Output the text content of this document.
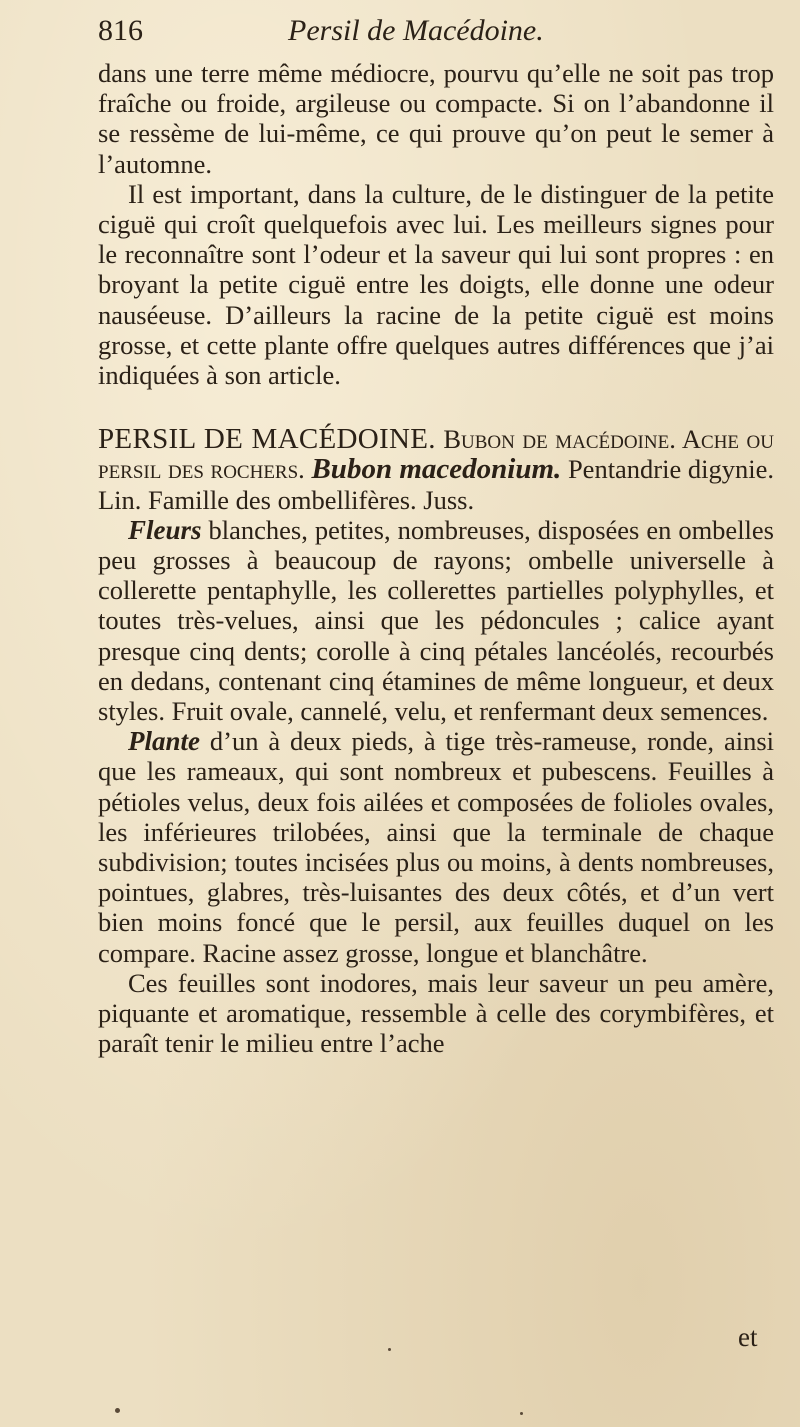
816	Persil de Macédoine.

dans une terre même médiocre, pourvu qu’elle ne soit pas trop fraîche ou froide, argileuse ou compacte. Si on l’abandonne il se ressème de lui-même, ce qui prouve qu’on peut le semer à l’automne.

Il est important, dans la culture, de le distinguer de la petite ciguë qui croît quelquefois avec lui. Les meilleurs signes pour le reconnaître sont l’odeur et la saveur qui lui sont propres : en broyant la petite ciguë entre les doigts, elle donne une odeur nauséeuse. D’ailleurs la racine de la petite ciguë est moins grosse, et cette plante offre quelques autres différences que j’ai indiquées à son article.

PERSIL DE MACÉDOINE. Bubon de macédoine. Ache ou persil des rochers. Bubon macedonium. Pentandrie digynie. Lin. Famille des ombellifères. Juss.

Fleurs blanches, petites, nombreuses, disposées en ombelles peu grosses à beaucoup de rayons; ombelle universelle à collerette pentaphylle, les collerettes partielles polyphylles, et toutes très-velues, ainsi que les pédoncules ; calice ayant presque cinq dents; corolle à cinq pétales lancéolés, recourbés en dedans, contenant cinq étamines de même longueur, et deux styles. Fruit ovale, cannelé, velu, et renfermant deux semences.

Plante d’un à deux pieds, à tige très-rameuse, ronde, ainsi que les rameaux, qui sont nombreux et pubescens. Feuilles à pétioles velus, deux fois ailées et composées de folioles ovales, les inférieures trilobées, ainsi que la terminale de chaque subdivision; toutes incisées plus ou moins, à dents nombreuses, pointues, glabres, très-luisantes des deux côtés, et d’un vert bien moins foncé que le persil, aux feuilles duquel on les compare. Racine assez grosse, longue et blanchâtre.

Ces feuilles sont inodores, mais leur saveur un peu amère, piquante et aromatique, ressemble à celle des corymbifères, et paraît tenir le milieu entre l’ache

et
